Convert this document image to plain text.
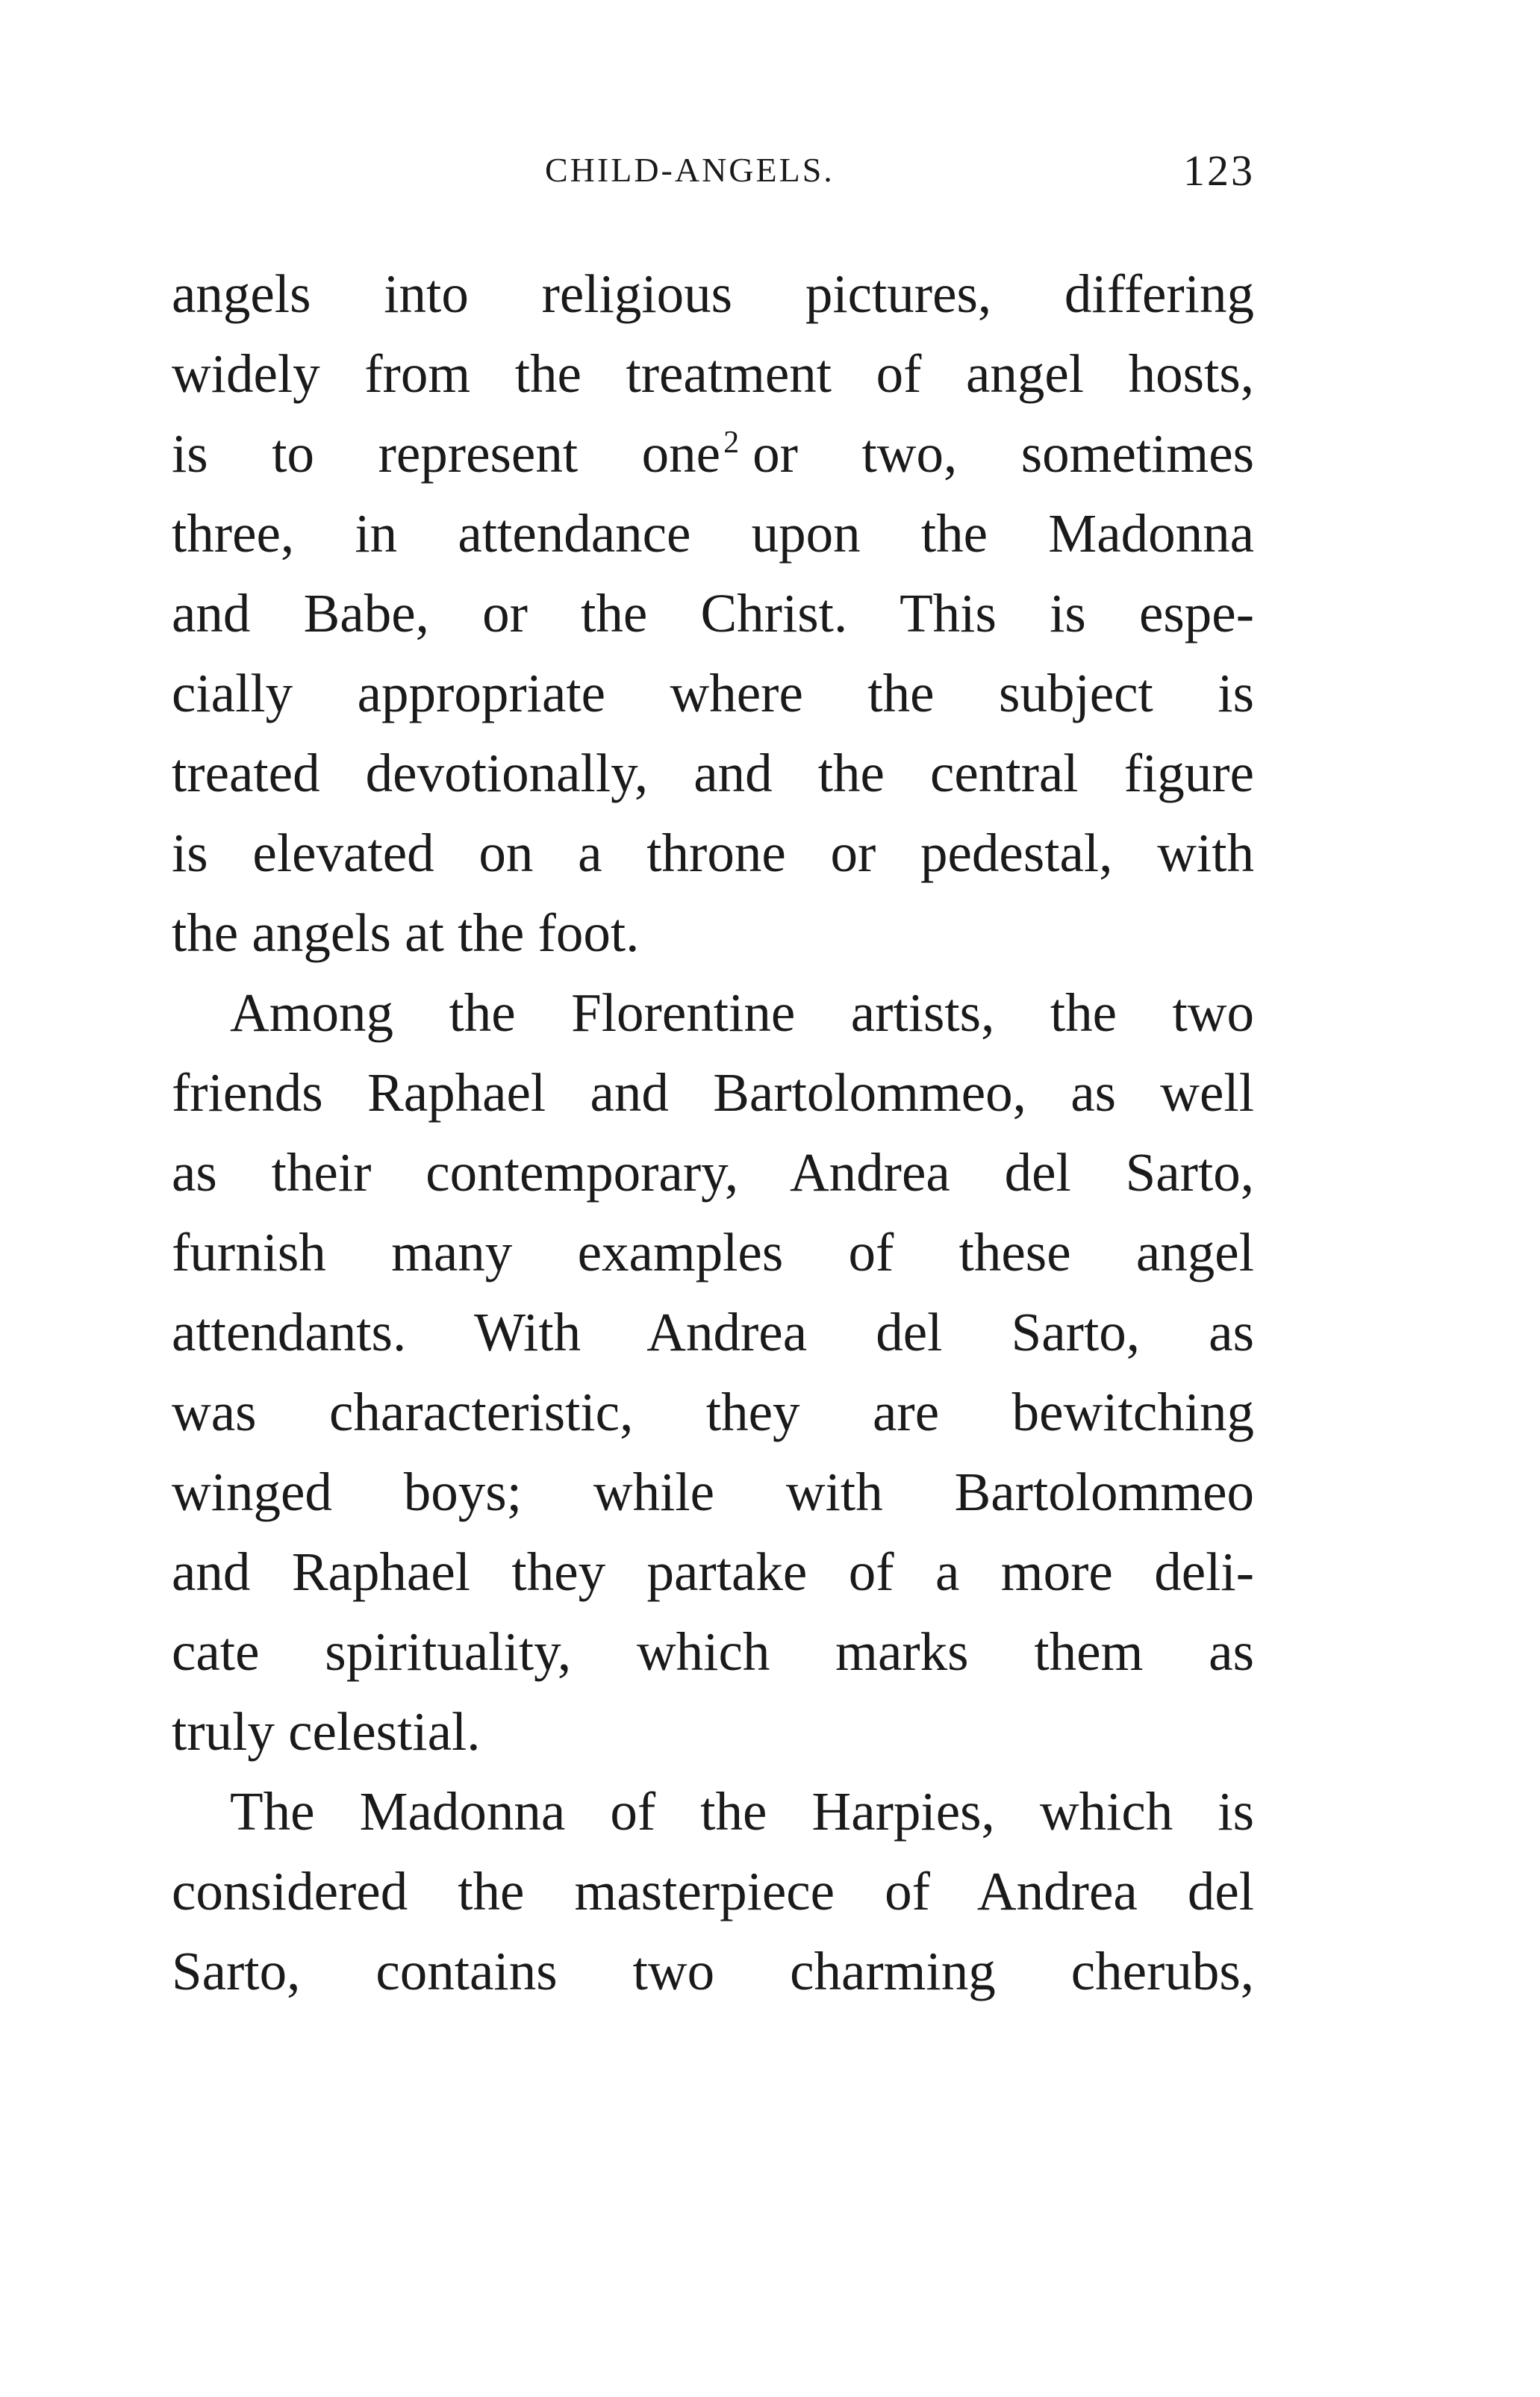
CHILD-ANGELS.	123
angels into religious pictures, differing
widely from the treatment of angel hosts,
is to represent one$^2$ or two, sometimes
three, in attendance upon the Madonna
and Babe, or the Christ. This is espe-
cially appropriate where the subject is
treated devotionally, and the central figure
is elevated on a throne or pedestal, with
the angels at the foot.
Among the Florentine artists, the two
friends Raphael and Bartolommeo, as well
as their contemporary, Andrea del Sarto,
furnish many examples of these angel
attendants. With Andrea del Sarto, as
was characteristic, they are bewitching
winged boys; while with Bartolommeo
and Raphael they partake of a more deli-
cate spirituality, which marks them as
truly celestial.
The Madonna of the Harpies, which is
considered the masterpiece of Andrea del
Sarto, contains two charming cherubs,
